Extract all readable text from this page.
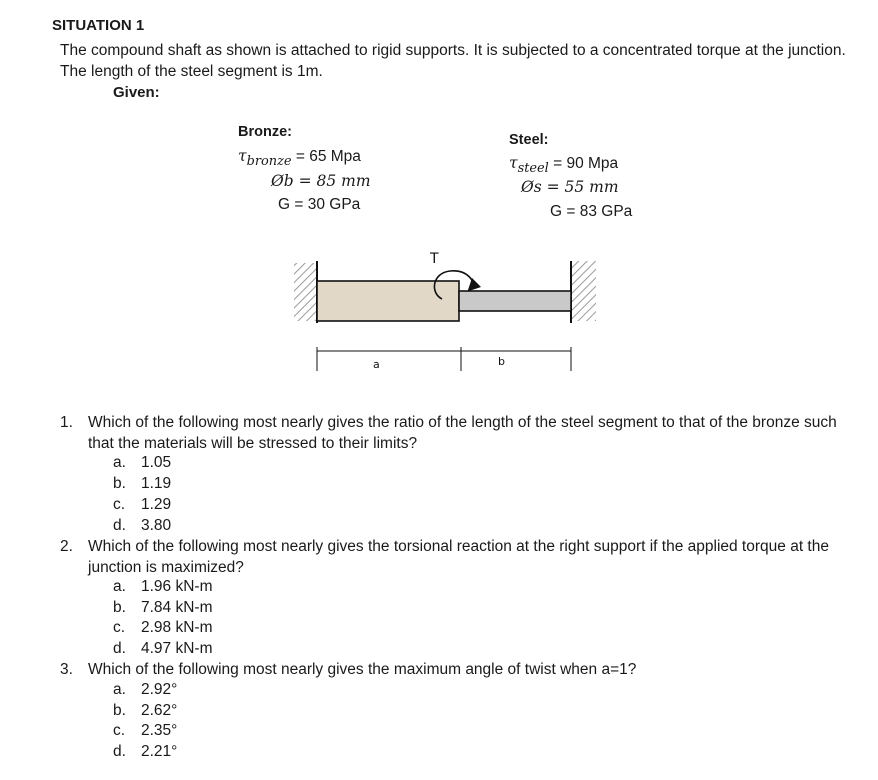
SITUATION 1
The compound shaft as shown is attached to rigid supports. It is subjected to a concentrated torque at the junction. The length of the steel segment is 1m.
Given:
Bronze:
$\tau_{bronze} = 65$ Mpa
Øb = 85 mm
G = 30 GPa
Steel:
$\tau_{steel} = 90$ Mpa
Øs = 55 mm
G = 83 GPa
T
a	b
1. Which of the following most nearly gives the ratio of the length of the steel segment to that of the bronze such that the materials will be stressed to their limits?
a. 1.05
b. 1.19
c. 1.29
d. 3.80
2. Which of the following most nearly gives the torsional reaction at the right support if the applied torque at the junction is maximized?
a. 1.96 kN-m
b. 7.84 kN-m
c. 2.98 kN-m
d. 4.97 kN-m
3. Which of the following most nearly gives the maximum angle of twist when a=1?
a. 2.92°
b. 2.62°
c. 2.35°
d. 2.21°
